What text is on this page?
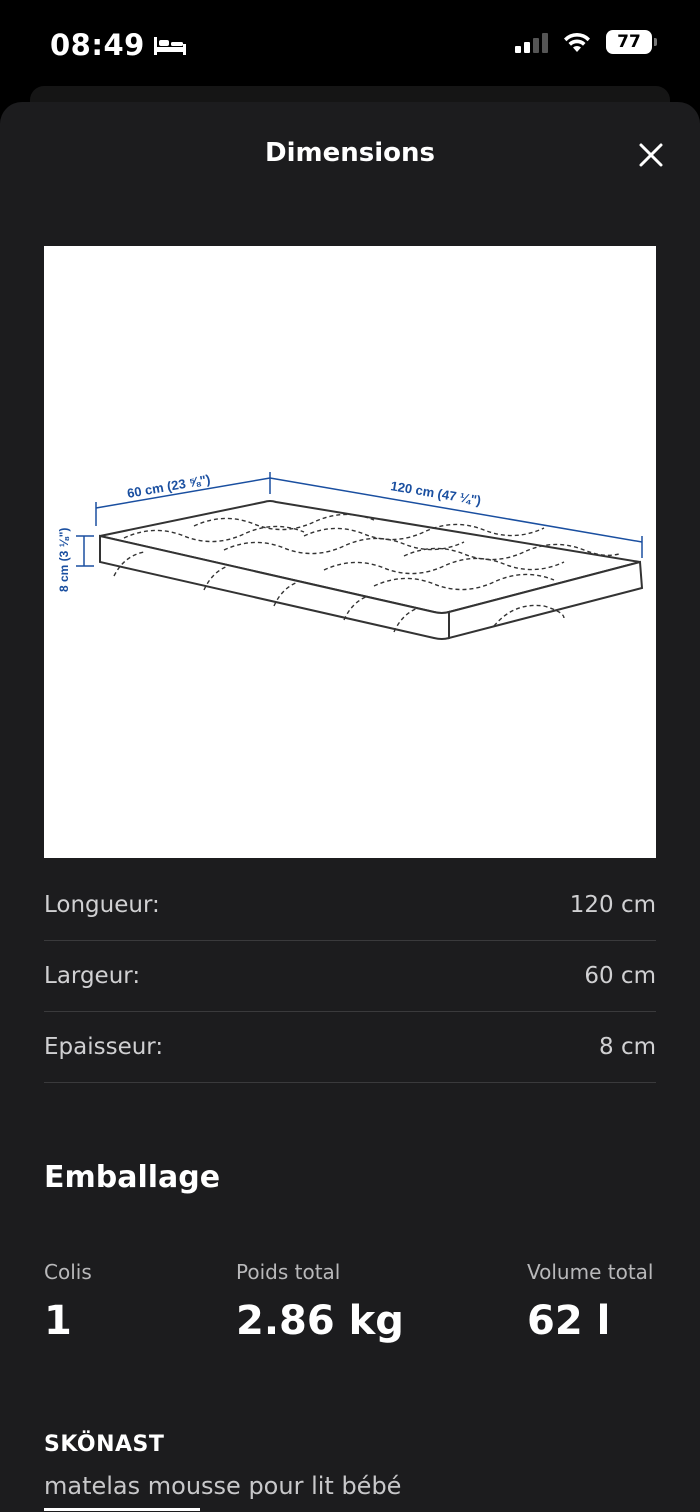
08:49	77
Dimensions
60 cm (23 ⅝")	120 cm (47 ¼")
8 cm (3 ⅛")
Longueur:	120 cm
Largeur:	60 cm
Epaisseur:	8 cm
Emballage
Colis
1
Poids total
2.86 kg
Volume total
62 l
SKÖNAST
matelas mousse pour lit bébé
